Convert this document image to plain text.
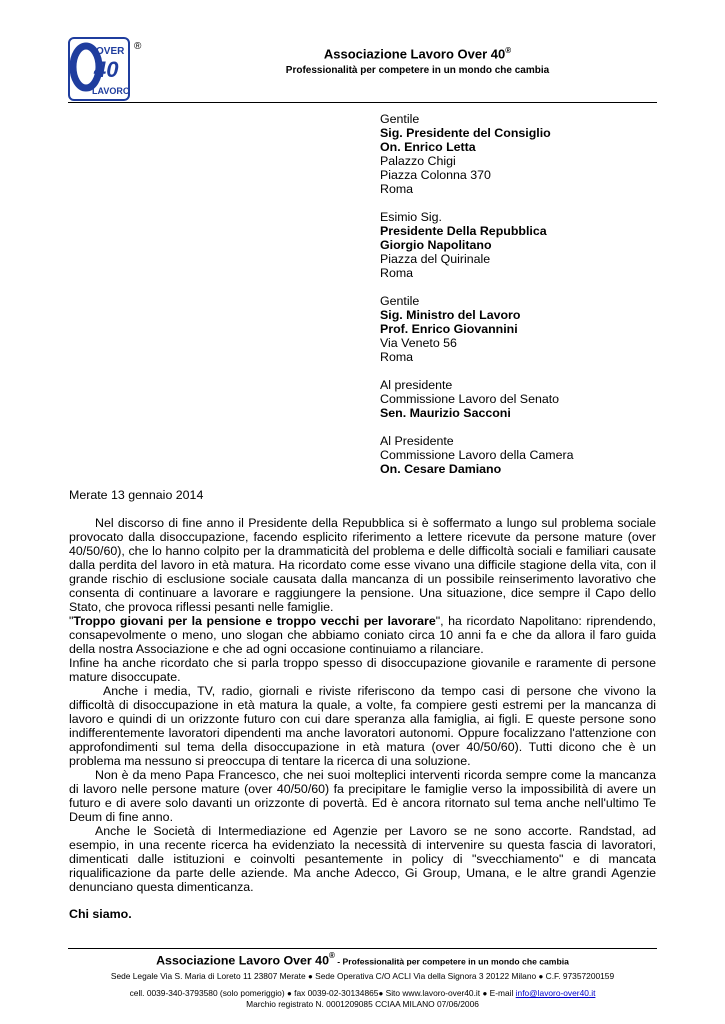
OVER
40
LAVORO
®	Associazione Lavoro Over 40®
Professionalità per competere in un mondo che cambia
Gentile
Sig. Presidente del Consiglio
On. Enrico Letta
Palazzo Chigi
Piazza Colonna 370
Roma
Esimio Sig.
Presidente Della Repubblica
Giorgio Napolitano
Piazza del Quirinale
Roma
Gentile
Sig. Ministro del Lavoro
Prof. Enrico Giovannini
Via Veneto 56
Roma
Al presidente
Commissione Lavoro del Senato
Sen. Maurizio Sacconi
Al Presidente
Commissione Lavoro della Camera
On. Cesare Damiano
Merate 13 gennaio 2014

Nel discorso di fine anno il Presidente della Repubblica si è soffermato a lungo sul problema sociale provocato dalla disoccupazione, facendo esplicito riferimento a lettere ricevute da persone mature (over 40/50/60), che lo hanno colpito per la drammaticità del problema e delle difficoltà sociali e familiari causate dalla perdita del lavoro in età matura. Ha ricordato come esse vivano una difficile stagione della vita, con il grande rischio di esclusione sociale causata dalla mancanza di un possibile reinserimento lavorativo che consenta di continuare a lavorare e raggiungere la pensione. Una situazione, dice sempre il Capo dello Stato, che provoca riflessi pesanti nelle famiglie.

"Troppo giovani per la pensione e troppo vecchi per lavorare", ha ricordato Napolitano: riprendendo, consapevolmente o meno, uno slogan che abbiamo coniato circa 10 anni fa e che da allora il faro guida della nostra Associazione e che ad ogni occasione continuiamo a rilanciare.

Infine ha anche ricordato che si parla troppo spesso di disoccupazione giovanile e raramente di persone mature disoccupate.

Anche i media, TV, radio, giornali e riviste riferiscono da tempo casi di persone che vivono la difficoltà di disoccupazione in età matura la quale, a volte, fa compiere gesti estremi per la mancanza di lavoro e quindi di un orizzonte futuro con cui dare speranza alla famiglia, ai figli. E queste persone sono indifferentemente lavoratori dipendenti ma anche lavoratori autonomi. Oppure focalizzano l'attenzione con approfondimenti sul tema della disoccupazione in età matura (over 40/50/60). Tutti dicono che è un problema ma nessuno si preoccupa di tentare la ricerca di una soluzione.

Non è da meno Papa Francesco, che nei suoi molteplici interventi ricorda sempre come la mancanza di lavoro nelle persone mature (over 40/50/60) fa precipitare le famiglie verso la impossibilità di avere un futuro e di avere solo davanti un orizzonte di povertà. Ed è ancora ritornato sul tema anche nell'ultimo Te Deum di fine anno.

Anche le Società di Intermediazione ed Agenzie per Lavoro se ne sono accorte. Randstad, ad esempio, in una recente ricerca ha evidenziato la necessità di intervenire su questa fascia di lavoratori, dimenticati dalle istituzioni e coinvolti pesantemente in policy di "svecchiamento" e di mancata riqualificazione da parte delle aziende. Ma anche Adecco, Gi Group, Umana, e le altre grandi Agenzie denunciano questa dimenticanza.

Chi siamo.
Associazione Lavoro Over 40® - Professionalità per competere in un mondo che cambia
Sede Legale Via S. Maria di Loreto 11 23807 Merate ● Sede Operativa C/O ACLI Via della Signora 3 20122 Milano ● C.F. 97357200159
cell. 0039-340-3793580 (solo pomeriggio) ● fax 0039-02-30134865● Sito www.lavoro-over40.it ● E-mail info@lavoro-over40.it
Marchio registrato N. 0001209085 CCIAA MILANO 07/06/2006
